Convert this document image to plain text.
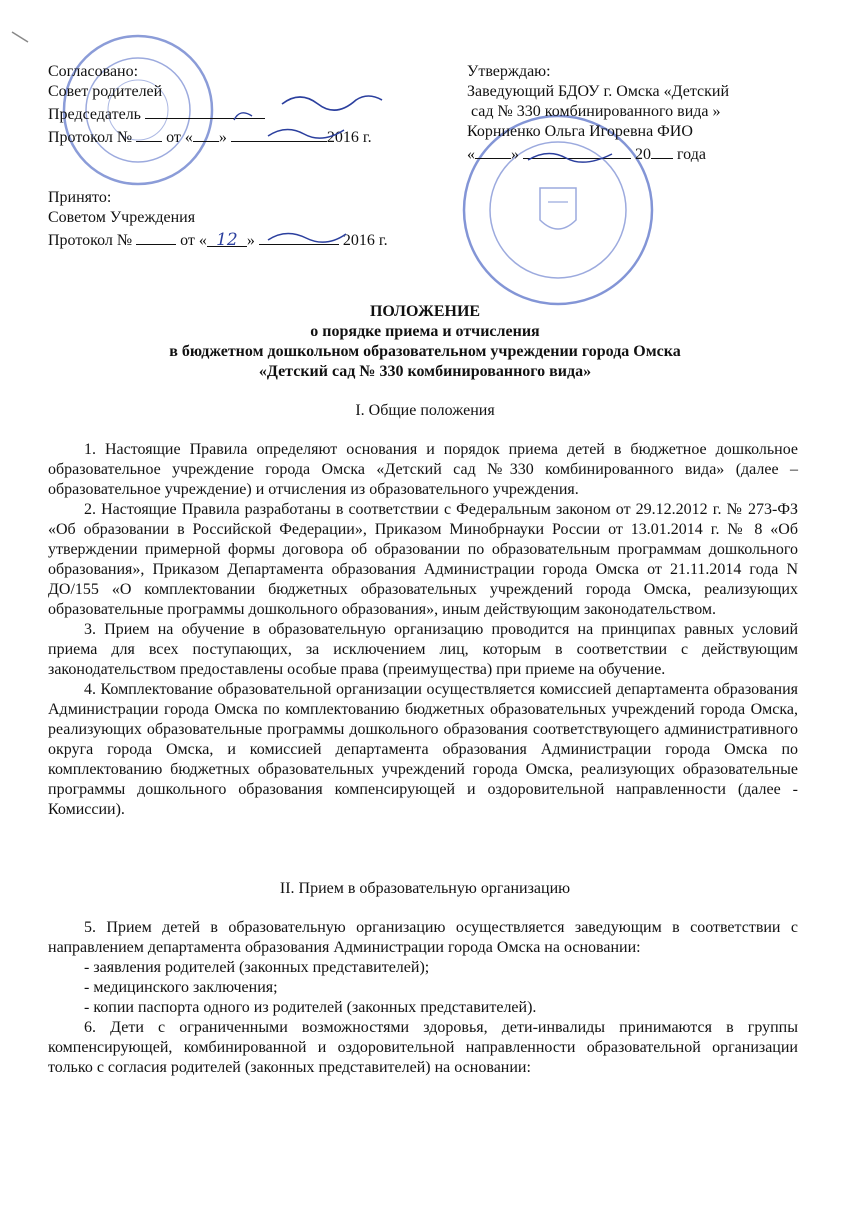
Согласовано:
Совет родителей
Председатель
Протокол № от « »	2016 г.
Утверждаю:
Заведующий БДОУ г. Омска «Детский
сад № 330 комбинированного вида »
Корниенко Ольга Игоревна ФИО
« »	20 года
Принято:
Советом Учреждения
Протокол №	от « 12 »	2016 г.
ПОЛОЖЕНИЕ
о порядке приема и отчисления
в бюджетном дошкольном образовательном учреждении города Омска
«Детский сад № 330 комбинированного вида»
I. Общие положения

1. Настоящие Правила определяют основания и порядок приема детей в бюджетное дошкольное образовательное учреждение города Омска «Детский сад №330 комбинированного вида» (далее – образовательное учреждение) и отчисления из образовательного учреждения.

2. Настоящие Правила разработаны в соответствии с Федеральным законом от 29.12.2012 г. № 273-ФЗ «Об образовании в Российской Федерации», Приказом Минобрнауки России от 13.01.2014 г. № 8 «Об утверждении примерной формы договора об образовании по образовательным программам дошкольного образования», Приказом Департамента образования Администрации города Омска от 21.11.2014 года N ДО/155 «О комплектовании бюджетных образовательных учреждений города Омска, реализующих образовательные программы дошкольного образования», иным действующим законодательством.

3. Прием на обучение в образовательную организацию проводится на принципах равных условий приема для всех поступающих, за исключением лиц, которым в соответствии с действующим законодательством предоставлены особые права (преимущества) при приеме на обучение.

4. Комплектование образовательной организации осуществляется комиссией департамента образования Администрации города Омска по комплектованию бюджетных образовательных учреждений города Омска, реализующих образовательные программы дошкольного образования соответствующего административного округа города Омска, и комиссией департамента образования Администрации города Омска по комплектованию бюджетных образовательных учреждений города Омска, реализующих образовательные программы дошкольного образования компенсирующей и оздоровительной направленности (далее - Комиссии).

II. Прием в образовательную организацию

5. Прием детей в образовательную организацию осуществляется заведующим в соответствии с направлением департамента образования Администрации города Омска на основании:

- заявления родителей (законных представителей);
- медицинского заключения;
- копии паспорта одного из родителей (законных представителей).

6. Дети с ограниченными возможностями здоровья, дети-инвалиды принимаются в группы компенсирующей, комбинированной и оздоровительной направленности образовательной организации только с согласия родителей (законных представителей) на основании:
